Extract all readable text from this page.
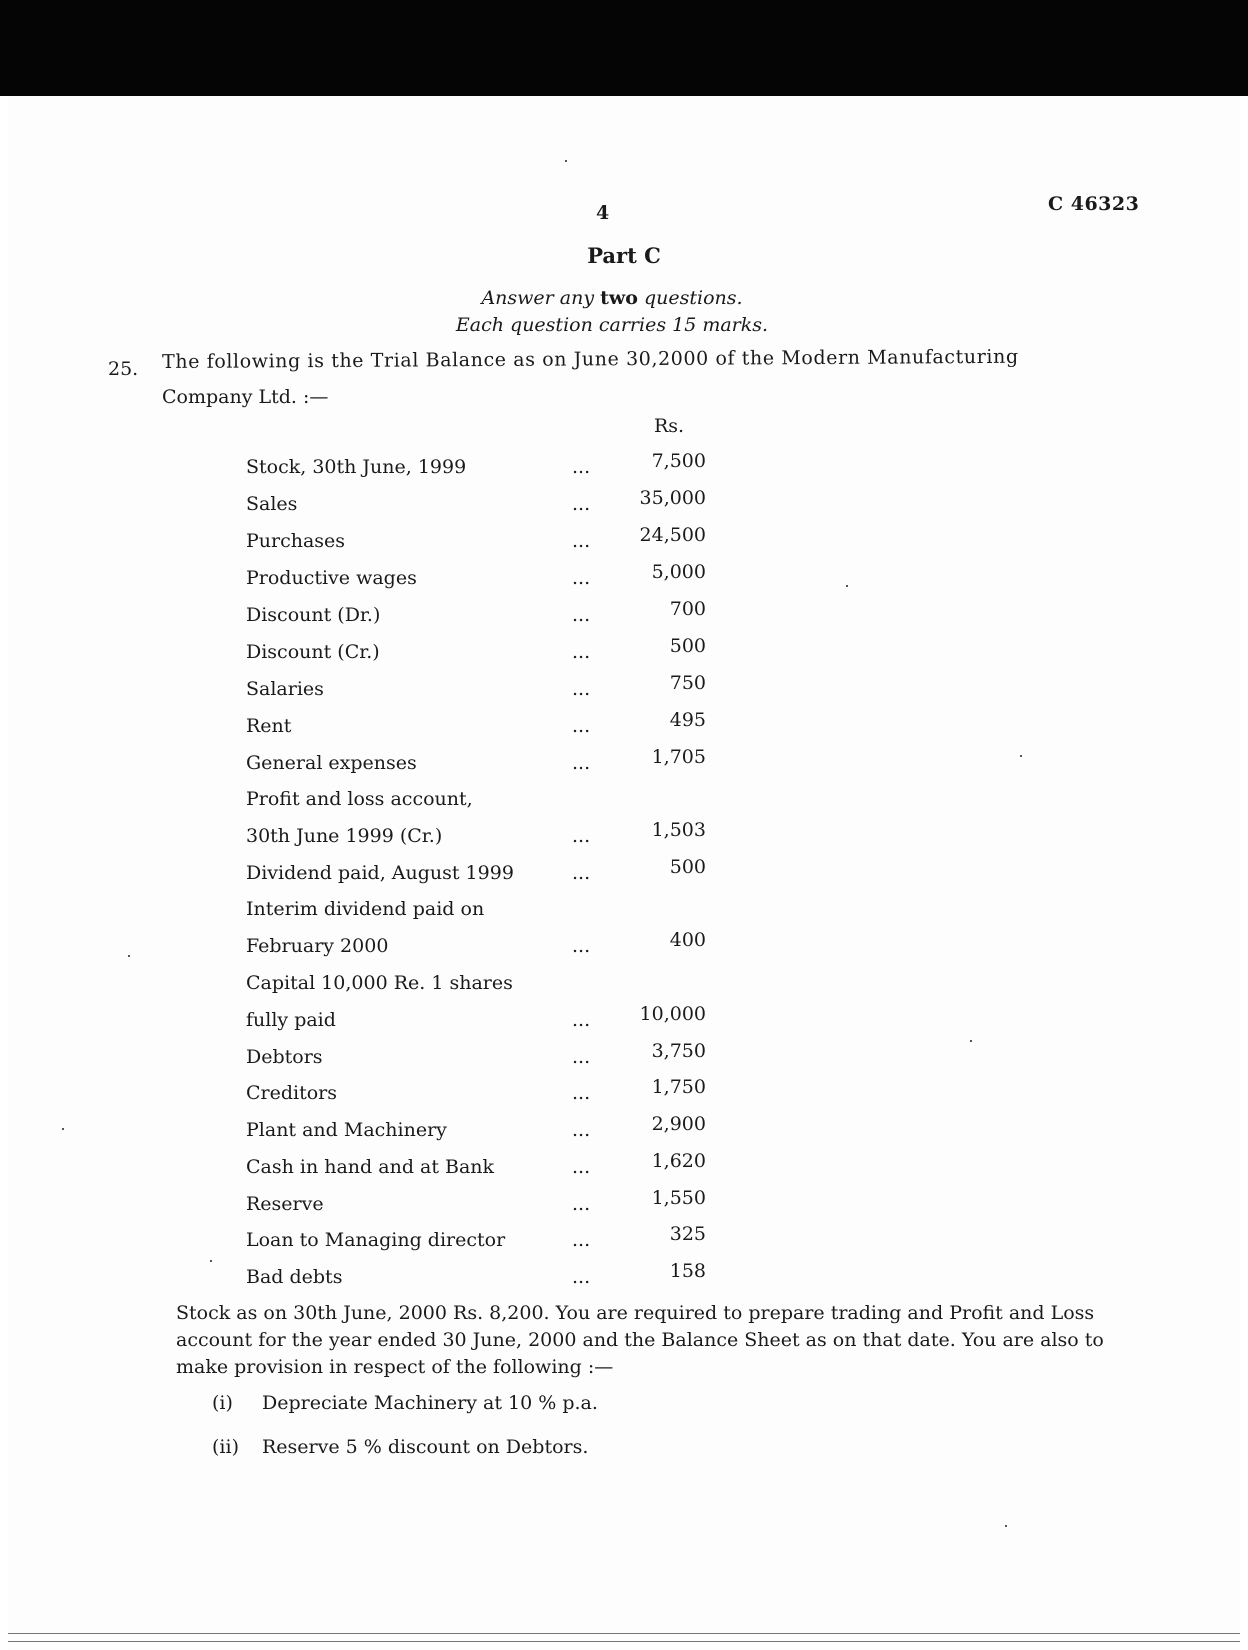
4	C 46323
Part C
Answer any two questions.
Each question carries 15 marks.
25. The following is the Trial Balance as on June 30,2000 of the Modern Manufacturing
Company Ltd. :—
Rs.
Stock, 30th June, 1999	...	7,500
Sales	...	35,000
Purchases	...	24,500
Productive wages	...	5,000
Discount (Dr.)	...	700
Discount (Cr.)	...	500
Salaries	...	750
Rent	...	495
General expenses	...	1,705
Profit and loss account,
30th June 1999 (Cr.)	...	1,503
Dividend paid, August 1999	...	500
Interim dividend paid on
February 2000	...	400
Capital 10,000 Re. 1 shares
fully paid	...	10,000
Debtors	...	3,750
Creditors	...	1,750
Plant and Machinery	...	2,900
Cash in hand and at Bank	...	1,620
Reserve	...	1,550
Loan to Managing director	...	325
Bad debts	...	158
Stock as on 30th June, 2000 Rs. 8,200. You are required to prepare trading and Profit and Loss
account for the year ended 30 June, 2000 and the Balance Sheet as on that date. You are also to
make provision in respect of the following :—
(i) Depreciate Machinery at 10 % p.a.
(ii) Reserve 5 % discount on Debtors.
